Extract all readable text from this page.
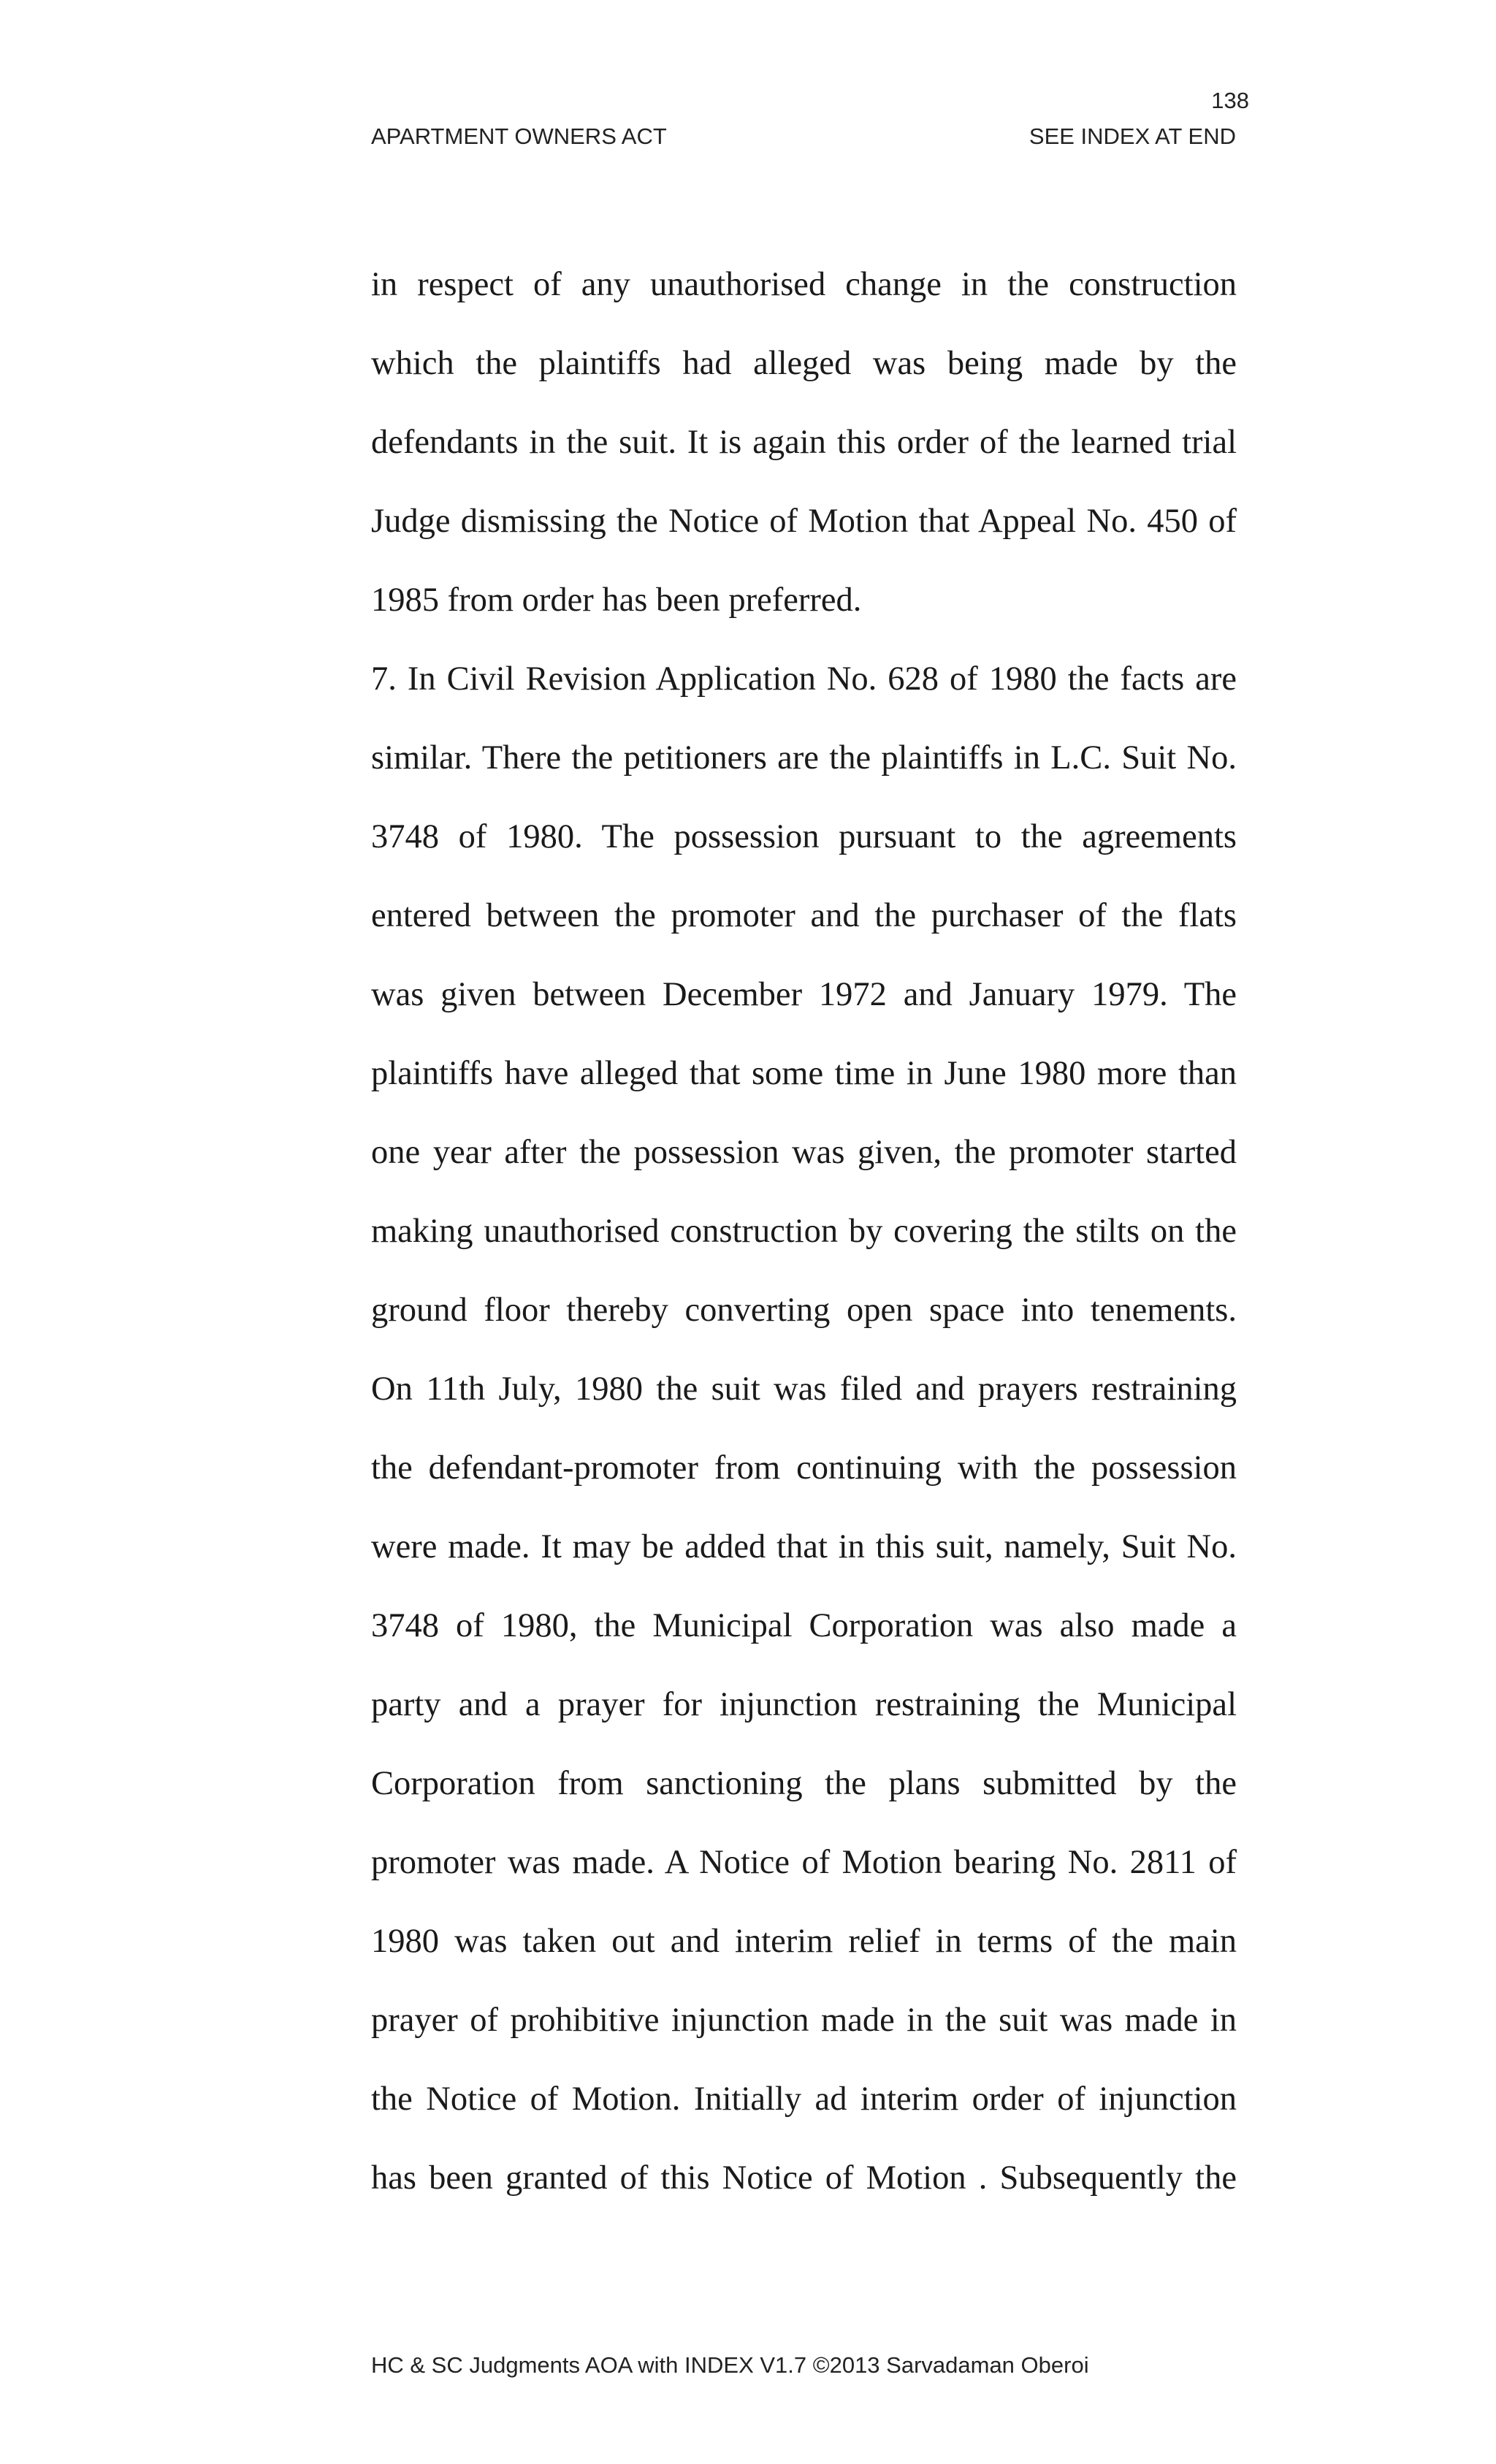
138
APARTMENT OWNERS ACT	SEE INDEX AT END
in respect of any unauthorised change in the construction
which the plaintiffs had alleged was being made by the
defendants in the suit. It is again this order of the learned trial
Judge dismissing the Notice of Motion that Appeal No. 450 of
1985 from order has been preferred.
7. In Civil Revision Application No. 628 of 1980 the facts are
similar. There the petitioners are the plaintiffs in L.C. Suit No.
3748 of 1980. The possession pursuant to the agreements
entered between the promoter and the purchaser of the flats
was given between December 1972 and January 1979. The
plaintiffs have alleged that some time in June 1980 more than
one year after the possession was given, the promoter started
making unauthorised construction by covering the stilts on the
ground floor thereby converting open space into tenements.
On 11th July, 1980 the suit was filed and prayers restraining
the defendant-promoter from continuing with the possession
were made. It may be added that in this suit, namely, Suit No.
3748 of 1980, the Municipal Corporation was also made a
party and a prayer for injunction restraining the Municipal
Corporation from sanctioning the plans submitted by the
promoter was made. A Notice of Motion bearing No. 2811 of
1980 was taken out and interim relief in terms of the main
prayer of prohibitive injunction made in the suit was made in
the Notice of Motion. Initially ad interim order of injunction
has been granted of this Notice of Motion . Subsequently the
HC & SC Judgments AOA with INDEX V1.7 ©2013 Sarvadaman Oberoi
